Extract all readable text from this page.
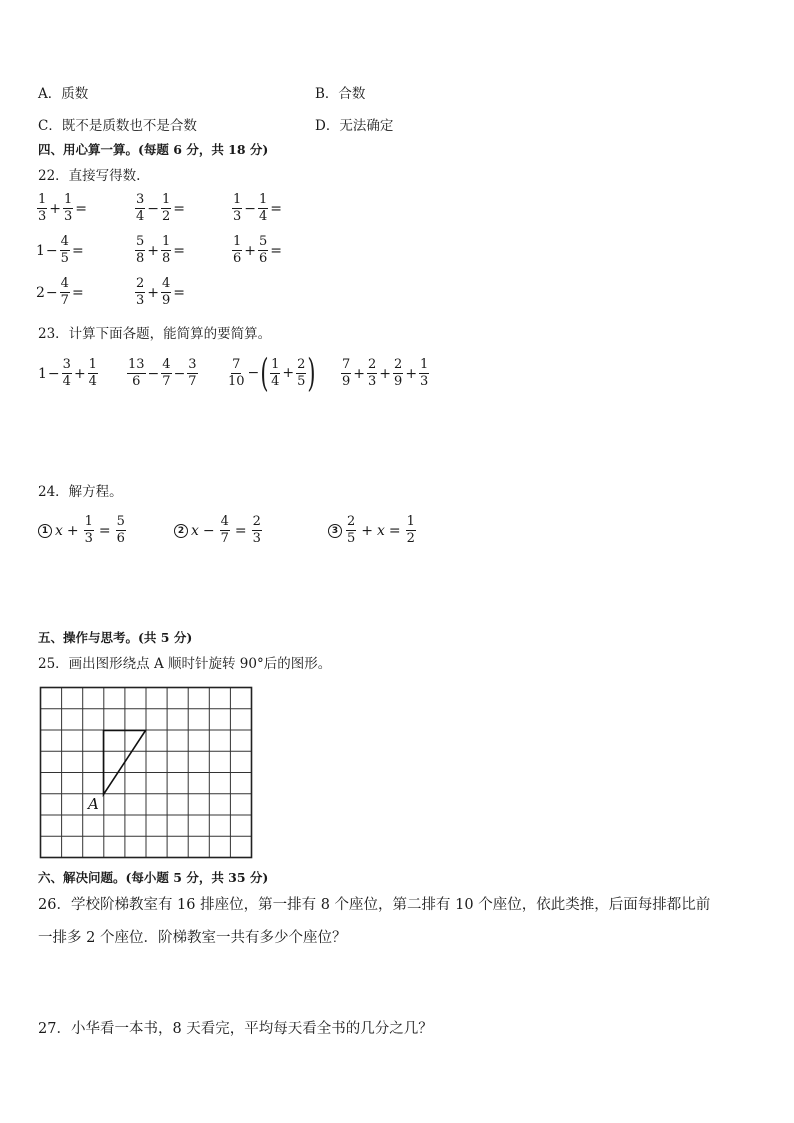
A．质数	B．合数
C．既不是质数也不是合数	D．无法确定
四、用心算一算。(每题 6 分，共 18 分)
22．直接写得数.
$\frac{1}{3} + \frac{1}{3}$ =	$\frac{3}{4} - \frac{1}{2}$ =	$\frac{1}{3} - \frac{1}{4}$ =
$1 - \frac{4}{5}$ =	$\frac{5}{8} + \frac{1}{8}$ =	$\frac{1}{6} + \frac{5}{6}$ =
$2 - \frac{4}{7}$ =	$\frac{2}{3} + \frac{4}{9}$ =
23．计算下面各题，能简算的要简算。
$1 - \frac{3}{4} + \frac{1}{4} \frac{13}{6} - \frac{4}{7} - \frac{3}{7} \frac{7}{10}$ − ( $\frac{1}{4} + \frac{2}{5}$ ) $\frac{7}{9} + \frac{2}{3} + \frac{2}{9} + \frac{1}{3}$
24．解方程。
1 $x + \frac{1}{3} = \frac{5}{6}$	2 $x - \frac{4}{7} = \frac{2}{3}$	$3 \frac{2}{5} + x = \frac{1}{2}$
五、操作与思考。(共 5 分)
25．画出图形绕点 A 顺时针旋转 90°后的图形。
A
六、解决问题。(每小题 5 分，共 35 分)
26．学校阶梯教室有 16 排座位，第一排有 8 个座位，第二排有 10 个座位，依此类推，后面每排都比前
一排多 2 个座位．阶梯教室一共有多少个座位？
27．小华看一本书，8 天看完，平均每天看全书的几分之几？
